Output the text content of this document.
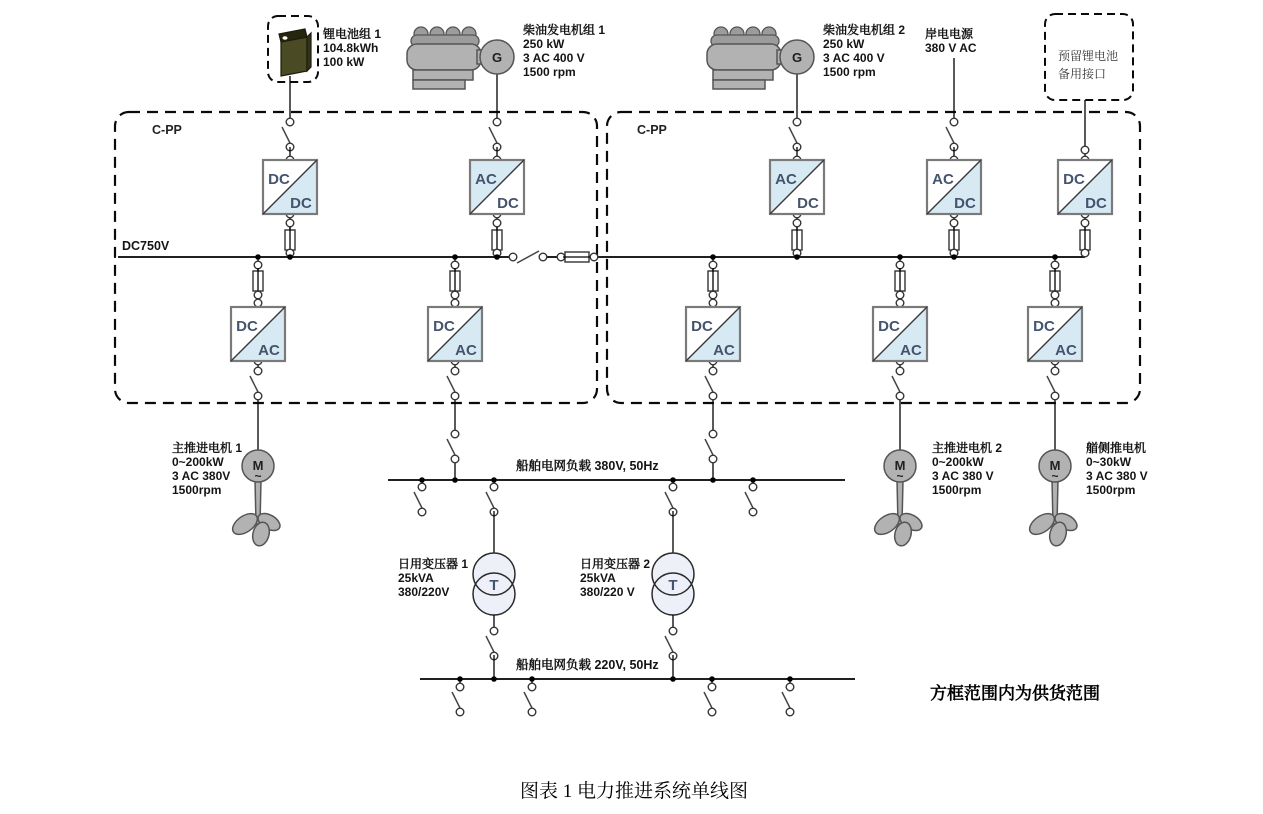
C-PP	C-PP
DC750V
锂电池组 1
104.8kWh
100 kW	G
柴油发电机组 1
250 kW
3 AC 400 V
1500 rpm
G
柴油发电机组 2
250 kW
3 AC 400 V
1500 rpm
岸电电源
380 V AC
预留锂电池
备用接口
DC
DC
AC
DC
AC
DC
AC
DC
DC
DC
DC
AC
DC
AC
DC
AC
DC
AC
DC
AC
M
~
主推进电机 1
0~200kW
3 AC 380V
1500rpm
M
~
主推进电机 2
0~200kW
3 AC 380 V
1500rpm
M
~
艏侧推电机
0~30kW
3 AC 380 V
1500rpm
船舶电网负载 380V, 50Hz
T
日用变压器 1
25kVA
380/220V	T
日用变压器 2
25kVA
380/220 V
船舶电网负载 220V, 50Hz
方框范围内为供货范围
图表 1 电力推进系统单线图
